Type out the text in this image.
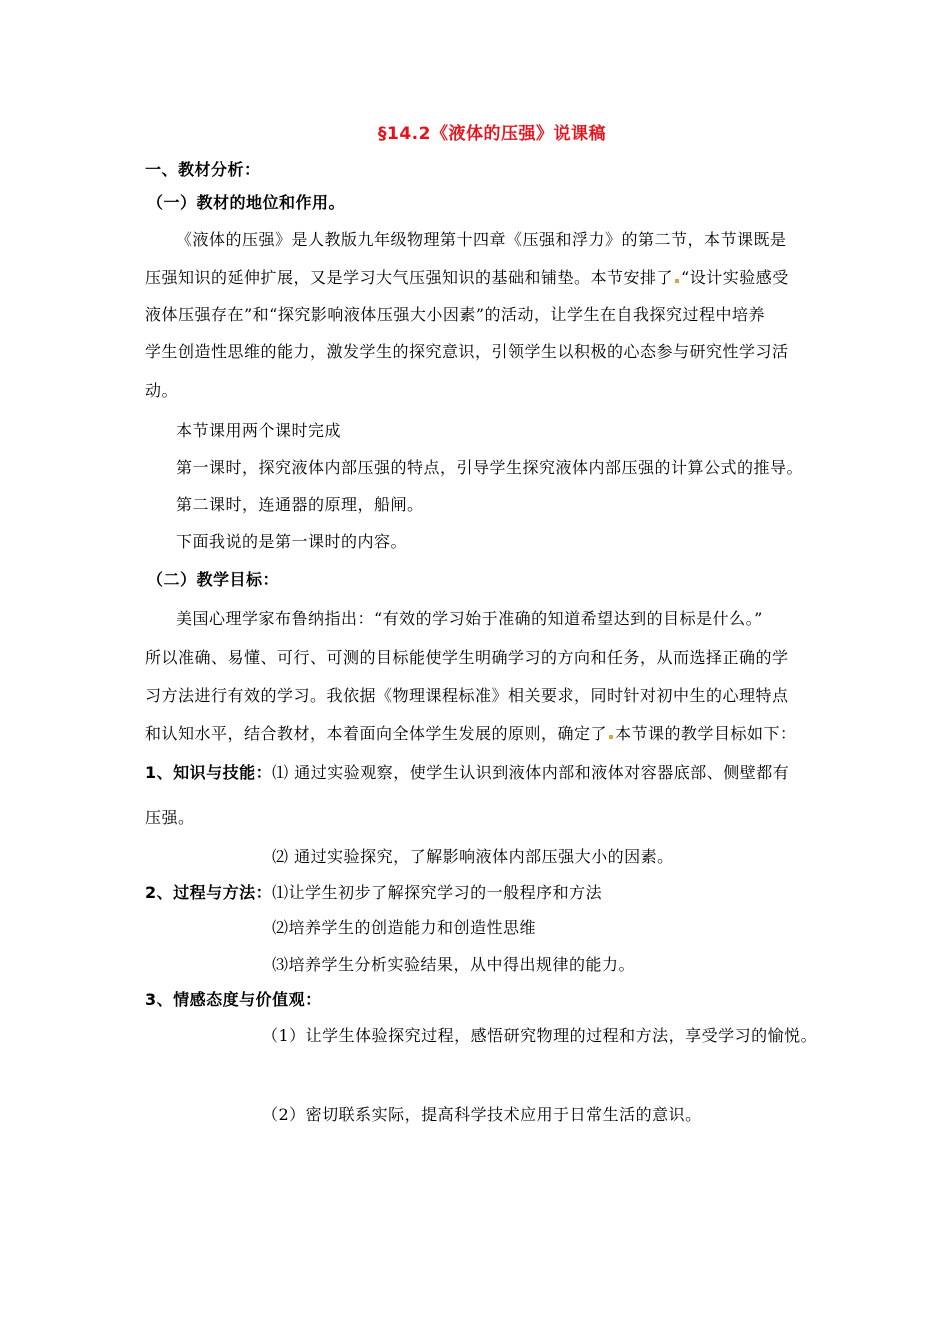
§14.2《液体的压强》说课稿
一、教材分析：
（一）教材的地位和作用。
《液体的压强》是人教版九年级物理第十四章《压强和浮力》的第二节，本节课既是
压强知识的延伸扩展，又是学习大气压强知识的基础和铺垫。本节安排了 “设计实验感受
液体压强存在”和“探究影响液体压强大小因素”的活动，让学生在自我探究过程中培养
学生创造性思维的能力，激发学生的探究意识，引领学生以积极的心态参与研究性学习活
动。
本节课用两个课时完成
第一课时，探究液体内部压强的特点，引导学生探究液体内部压强的计算公式的推导。
第二课时，连通器的原理，船闸。
下面我说的是第一课时的内容。
（二）教学目标：
美国心理学家布鲁纳指出：“有效的学习始于准确的知道希望达到的目标是什么。”
所以准确、易懂、可行、可测的目标能使学生明确学习的方向和任务，从而选择正确的学
习方法进行有效的学习。我依据《物理课程标准》相关要求，同时针对初中生的心理特点
和认知水平，结合教材，本着面向全体学生发展的原则，确定了 本节课的教学目标如下：
1、知识与技能：⑴ 通过实验观察，使学生认识到液体内部和液体对容器底部、侧壁都有
压强。
⑵ 通过实验探究，了解影响液体内部压强大小的因素。
2、过程与方法：⑴让学生初步了解探究学习的一般程序和方法
⑵培养学生的创造能力和创造性思维
⑶培养学生分析实验结果，从中得出规律的能力。
3、情感态度与价值观：
（1）让学生体验探究过程，感悟研究物理的过程和方法，享受学习的愉悦。
（2）密切联系实际，提高科学技术应用于日常生活的意识。
